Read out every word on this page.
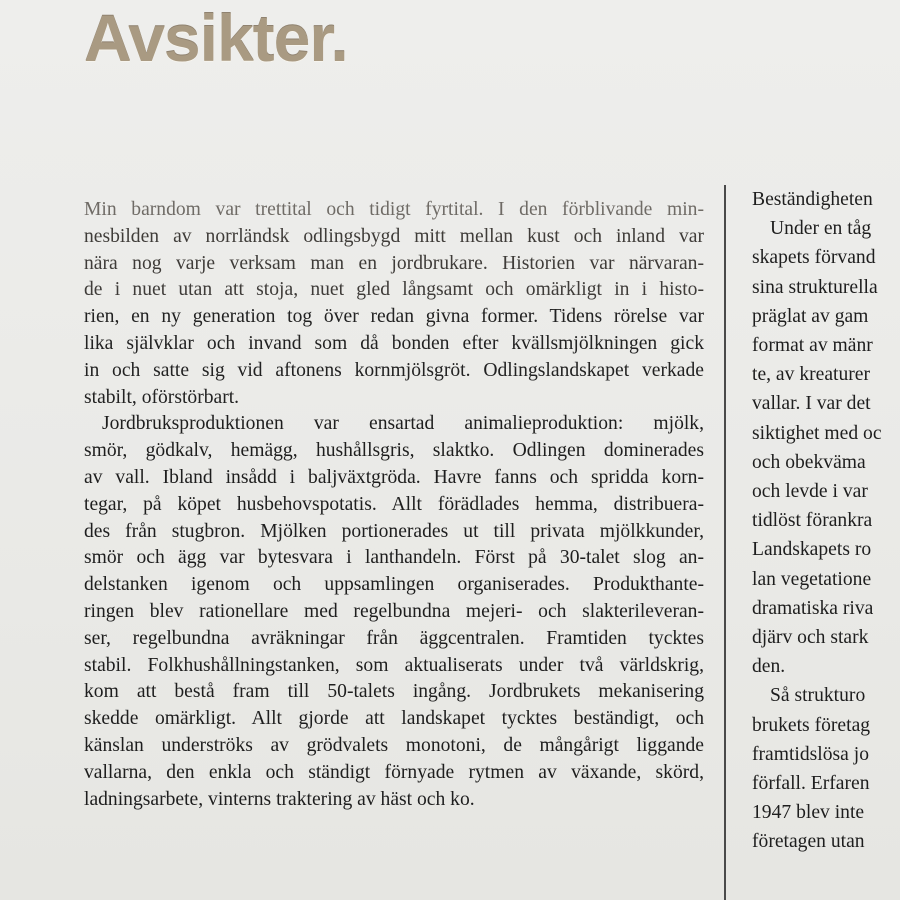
Avsikter.

Min barndom var trettital och tidigt fyrtital. I den förblivande min-
nesbilden av norrländsk odlingsbygd mitt mellan kust och inland var
nära nog varje verksam man en jordbrukare. Historien var närvaran-
de i nuet utan att stoja, nuet gled långsamt och omärkligt in i histo-
rien, en ny generation tog över redan givna former. Tidens rörelse var
lika självklar och invand som då bonden efter kvällsmjölkningen gick
in och satte sig vid aftonens kornmjölsgröt. Odlingslandskapet verkade
stabilt, oförstörbart.

Jordbruksproduktionen var ensartad animalieproduktion: mjölk,
smör, gödkalv, hemägg, hushållsgris, slaktko. Odlingen dominerades
av vall. Ibland insådd i baljväxtgröda. Havre fanns och spridda korn-
tegar, på köpet husbehovspotatis. Allt förädlades hemma, distribuera-
des från stugbron. Mjölken portionerades ut till privata mjölkkunder,
smör och ägg var bytesvara i lanthandeln. Först på 30-talet slog an-
delstanken igenom och uppsamlingen organiserades. Produkthante-
ringen blev rationellare med regelbundna mejeri- och slakterileveran-
ser, regelbundna avräkningar från äggcentralen. Framtiden tycktes
stabil. Folkhushållningstanken, som aktualiserats under två världskrig,
kom att bestå fram till 50-talets ingång. Jordbrukets mekanisering
skedde omärkligt. Allt gjorde att landskapet tycktes beständigt, och
känslan underströks av grödvalets monotoni, de mångårigt liggande
vallarna, den enkla och ständigt förnyade rytmen av växande, skörd,
ladningsarbete, vinterns traktering av häst och ko.

Beständigheten
Under en tåg
skapets förvand
sina strukturella
präglat av gam
format av mänr
te, av kreaturer
vallar. I var det
siktighet med oc
och obekväma
och levde i var
tidlöst förankra
Landskapets ro
lan vegetatione
dramatiska riva
djärv och stark
den.
Så strukturo
brukets företag
framtidslösa jo
förfall. Erfaren
1947 blev inte
företagen utan
